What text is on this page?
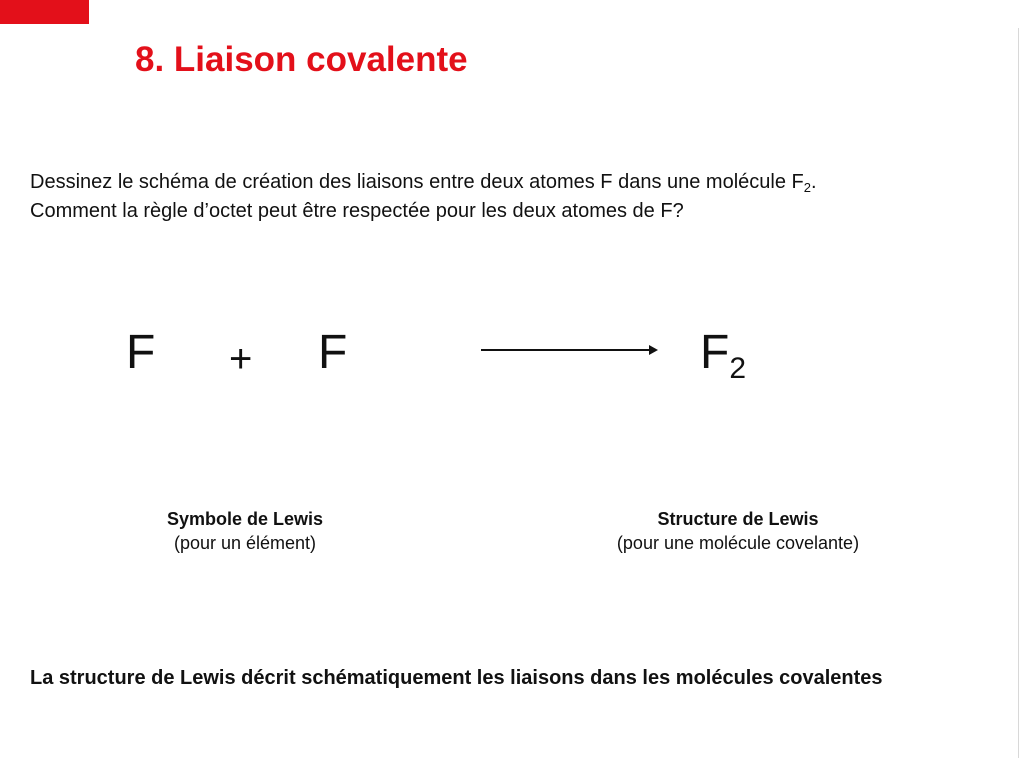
8. Liaison covalente
Dessinez le schéma de création des liaisons entre deux atomes F dans une molécule $F_2$.
Comment la règle d’octet peut être respectée pour les deux atomes de F?
F + F	$F_2$
Symbole de Lewis
(pour un élément)
Structure de Lewis
(pour une molécule covelante)
La structure de Lewis décrit schématiquement les liaisons dans les molécules covalentes
